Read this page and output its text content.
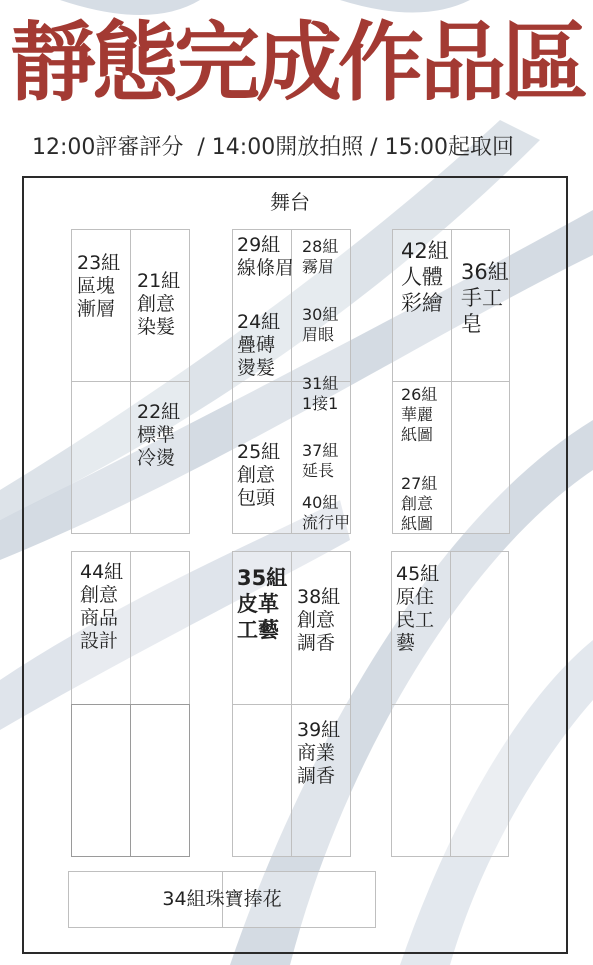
靜態完成作品區
12:00評審評分  / 14:00開放拍照 / 15:00起取回
舞台
23組
區塊
漸層
21組
創意
染髮
22組
標準
冷燙
29組
線條眉
28組
霧眉
24組
疊磚
燙髮
30組
眉眼
31組
1接1
25組
創意
包頭
37組
延長
40組
流行甲
42組
人體
彩繪
36組
手工
皂
26組
華麗
紙圖
27組
創意
紙圖
44組
創意
商品
設計
35組
皮革
工藝
38組
創意
調香
39組
商業
調香
45組
原住
民工
藝
34組珠寶捧花
